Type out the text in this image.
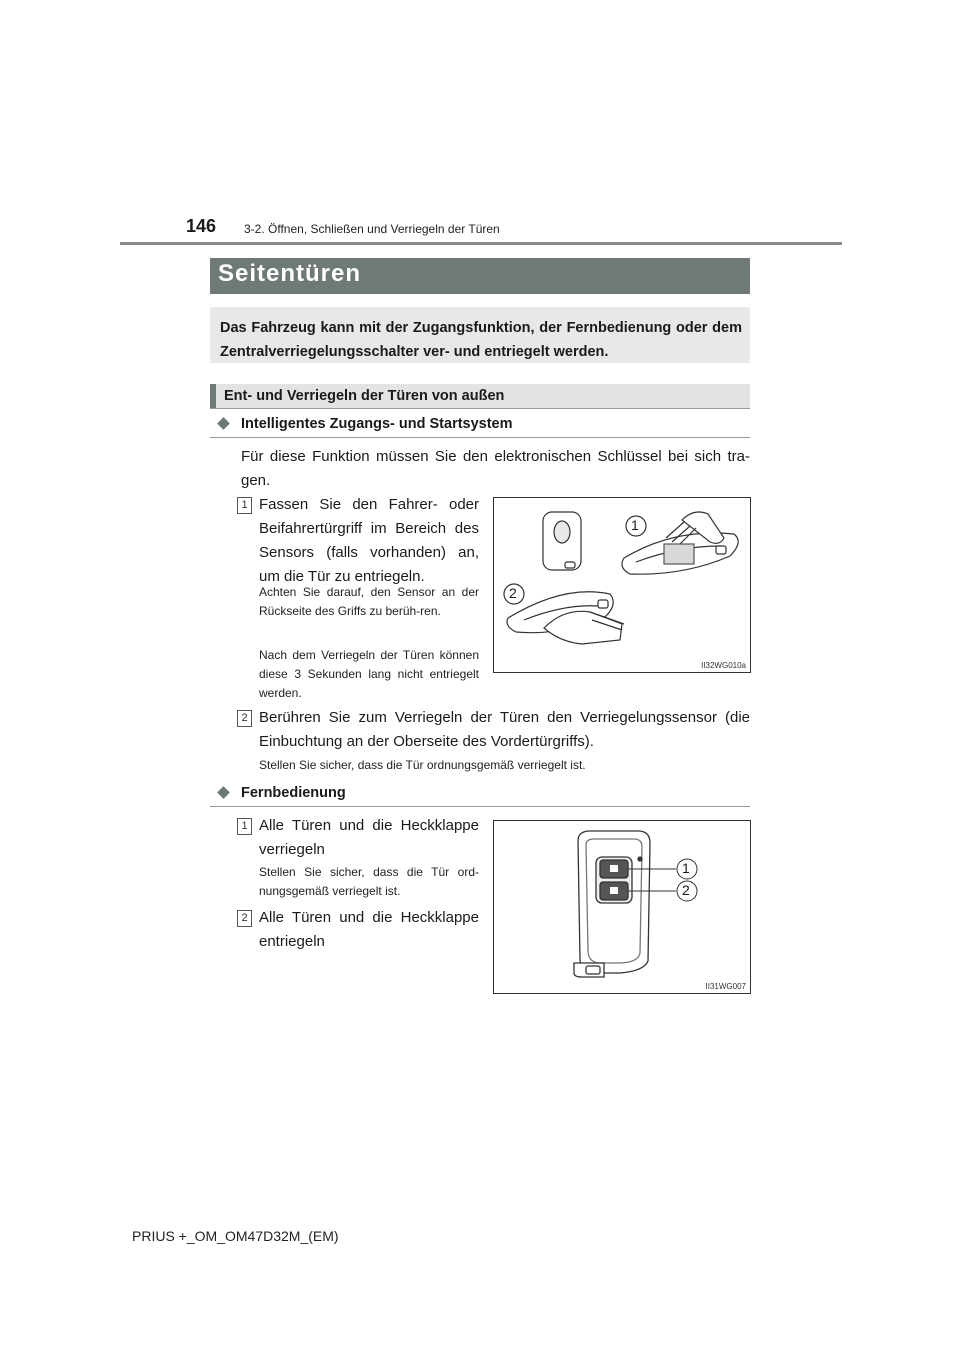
146 3-2. Öffnen, Schließen und Verriegeln der Türen
Seitentüren
Das Fahrzeug kann mit der Zugangsfunktion, der Fernbedienung oder dem Zentralverriegelungsschalter ver- und entriegelt werden.
Ent- und Verriegeln der Türen von außen
Intelligentes Zugangs- und Startsystem
Für diese Funktion müssen Sie den elektronischen Schlüssel bei sich tra-gen.
1 Fassen Sie den Fahrer- oder Beifahrertürgriff im Bereich des Sensors (falls vorhanden) an, um die Tür zu entriegeln.
Achten Sie darauf, den Sensor an der Rückseite des Griffs zu berüh-ren.
Nach dem Verriegeln der Türen können diese 3 Sekunden lang nicht entriegelt werden.
1
2
II32WG010a
2 Berühren Sie zum Verriegeln der Türen den Verriegelungssensor (die Einbuchtung an der Oberseite des Vordertürgriffs).
Stellen Sie sicher, dass die Tür ordnungsgemäß verriegelt ist.
Fernbedienung
1 Alle Türen und die Heckklappe verriegeln
Stellen Sie sicher, dass die Tür ord-nungsgemäß verriegelt ist.
2 Alle Türen und die Heckklappe entriegeln
1
2
II31WG007
PRIUS +_OM_OM47D32M_(EM)
